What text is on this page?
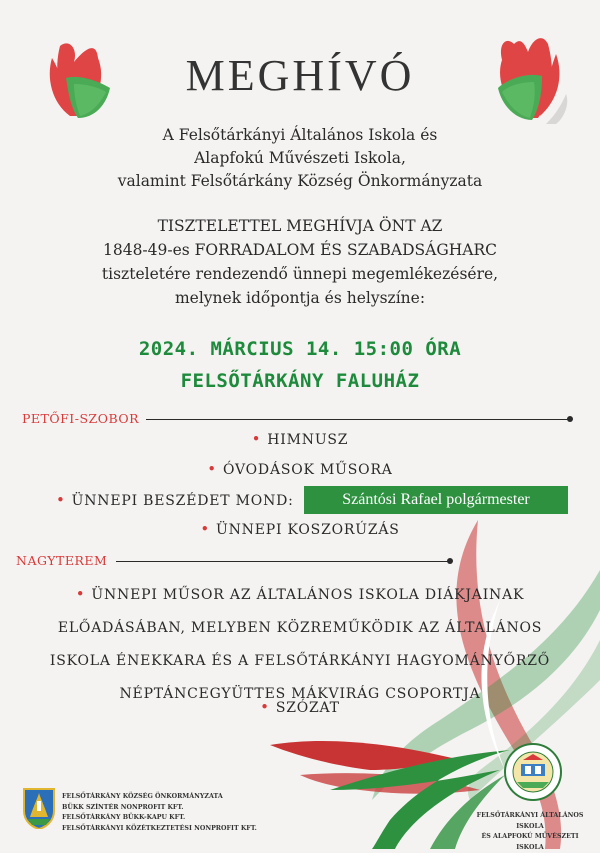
MEGHÍVÓ
A Felsőtárkányi Általános Iskola és
Alapfokú Művészeti Iskola,
valamint Felsőtárkány Község Önkormányzata
TISZTELETTEL MEGHÍVJA ÖNT AZ
1848-49-es FORRADALOM ÉS SZABADSÁGHARC
tiszteletére rendezendő ünnepi megemlékezésére,
melynek időpontja és helyszíne:
2024. MÁRCIUS 14. 15:00 ÓRA
FELSŐTÁRKÁNY FALUHÁZ
PETŐFI-SZOBOR
• HIMNUSZ
• ÓVODÁSOK MŰSORA
• ÜNNEPI BESZÉDET MOND:	Szántósi Rafael polgármester
• ÜNNEPI KOSZORÚZÁS
NAGYTEREM
• ÜNNEPI MŰSOR AZ ÁLTALÁNOS ISKOLA DIÁKJAINAK
ELŐADÁSÁBAN, MELYBEN KÖZREMŰKÖDIK AZ ÁLTALÁNOS
ISKOLA ÉNEKKARA ÉS A FELSŐTÁRKÁNYI HAGYOMÁNYŐRZŐ
NÉPTÁNCEGYÜTTES MÁKVIRÁG CSOPORTJA
• SZÓZAT
FELSŐTÁRKÁNY KÖZSÉG ÖNKORMÁNYZATA
BÜKK SZÍNTÉR NONPROFIT KFT.
FELSŐTÁRKÁNY BÜKK-KAPU KFT.
FELSŐTÁRKÁNYI KÖZÉTKEZTETÉSI NONPROFIT KFT.
FELSŐTÁRKÁNYI ÁLTALÁNOS ISKOLA
ÉS ALAPFOKÚ MŰVÉSZETI ISKOLA
